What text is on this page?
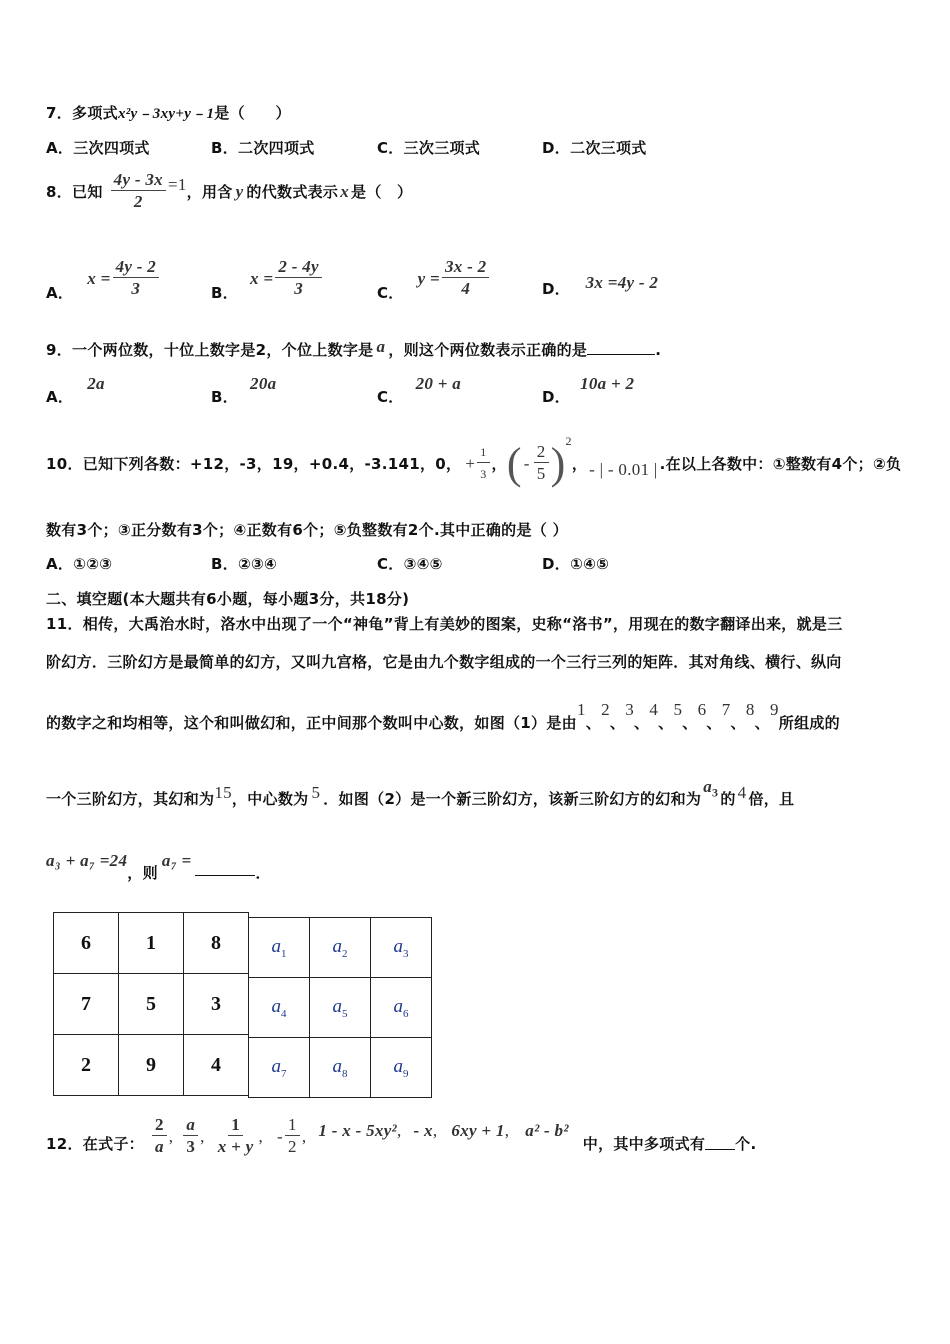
7．多项式x²y﹣3xy+y﹣1是（　　）
A．三次四项式	B．二次四项式	C．三次三项式	D．二次三项式
8． 已知 $\frac{4y - 3x}{2} =1$ ，用含 y 的代数式表示 x 是（　）
A．
$x = \frac{4y - 2}{3}$	B．
$x = \frac{2 - 4y}{3}$	C．
$y = \frac{3x - 2}{4}$	D． 3x =4y - 2
9．一个两位数，十位上数字是2，个位上数字是 a ，则这个两位数表示正确的是	.
A．2a
B．20a
C．20 + a
D．10a + 2
10． 已知下列各数：+12，-3，19，+0.4，-3.141，0， + $\frac{1}{3}$ ， ( - $\frac{2}{5}$ ) 2
， - | - 0.01 | .在以上各数中：①整数有4个；②负
数有3个；③正分数有3个；④正数有6个；⑤负整数有2个.其中正确的是（ ）
A．①②③	B．②③④	C．③④⑤	D．①④⑤
二、填空题(本大题共有6小题，每小题3分，共18分)
11．相传，大禹治水时，洛水中出现了一个“神龟”背上有美妙的图案，史称“洛书”，用现在的数字翻译出来，就是三
阶幻方．三阶幻方是最简单的幻方，又叫九宫格，它是由九个数字组成的一个三行三列的矩阵．其对角线、横行、纵向
的数字之和均相等，这个和叫做幻和，正中间那个数叫中心数，如图（1）是由
1
、
2
、
3
、
4
、
5
、
6
、
7
、
8
、
9
所组成的
一个三阶幻方，其幻和为 15 ，中心数为 5 ．如图（2）是一个新三阶幻方，该新三阶幻方的幻和为
$a_3$ 的 4 倍，且
a₃ + a₇ =24
，则
a₇ =
．
6	1	8
7	5	3
2	9	4
$a_1$	$a_2$	$a_3$
$a_4$	$a_5$	$a_6$
$a_7$	$a_8$	$a_9$
12． 在式子： $\frac{2}{a}$ , $\frac{a}{3}$ , $\frac{1}{x + y}$ , - $\frac{1}{2}$ , 1 - x - 5xy² , - x , 6xy + 1 , a² - b²
中，其中多项式有 个.
